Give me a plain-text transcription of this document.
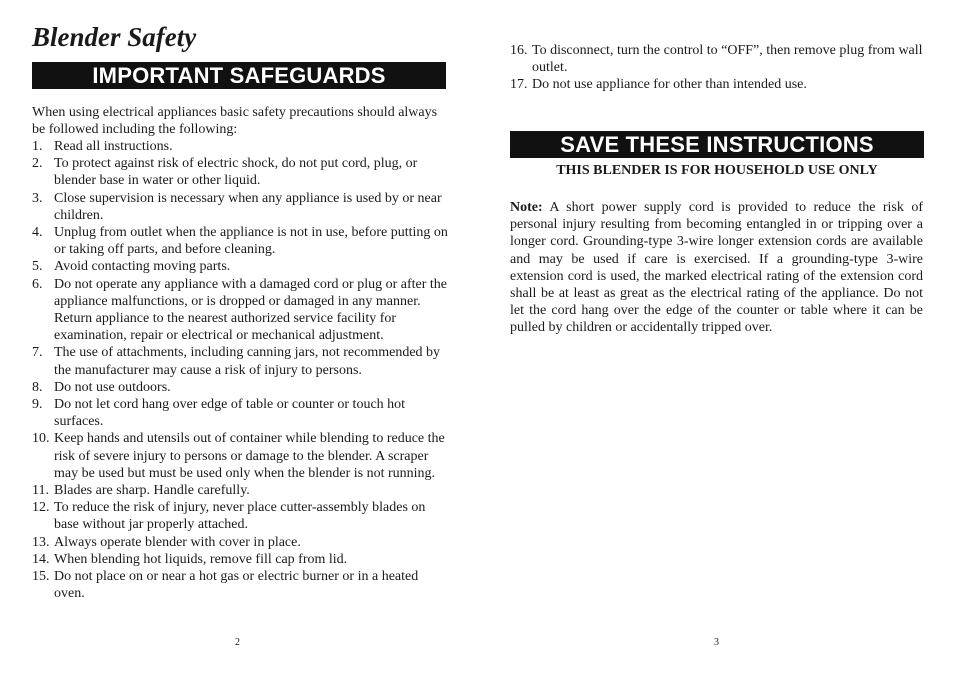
Blender Safety
IMPORTANT SAFEGUARDS

When using electrical appliances basic safety precautions should always be followed including the following:

1. Read all instructions.
2. To protect against risk of electric shock, do not put cord, plug, or blender base in water or other liquid.
3. Close supervision is necessary when any appliance is used by or near children.
4. Unplug from outlet when the appliance is not in use, before putting on or taking off parts, and before cleaning.
5. Avoid contacting moving parts.
6. Do not operate any appliance with a damaged cord or plug or after the appliance malfunctions, or is dropped or damaged in any manner. Return appliance to the nearest authorized service facility for examination, repair or electrical or mechanical adjustment.
7. The use of attachments, including canning jars, not recommended by the manufacturer may cause a risk of injury to persons.
8. Do not use outdoors.
9. Do not let cord hang over edge of table or counter or touch hot surfaces.
10. Keep hands and utensils out of container while blending to reduce the risk of severe injury to persons or damage to the blender. A scraper may be used but must be used only when the blender is not running.
11. Blades are sharp. Handle carefully.
12. To reduce the risk of injury, never place cutter-assembly blades on base without jar properly attached.
13. Always operate blender with cover in place.
14. When blending hot liquids, remove fill cap from lid.
15. Do not place on or near a hot gas or electric burner or in a heated oven.
2
16. To disconnect, turn the control to “OFF”, then remove plug from wall outlet.
17. Do not use appliance for other than intended use.
SAVE THESE INSTRUCTIONS

THIS BLENDER IS FOR HOUSEHOLD USE ONLY

Note: A short power supply cord is provided to reduce the risk of personal injury resulting from becoming entangled in or tripping over a longer cord. Grounding-type 3-wire longer extension cords are available and may be used if care is exercised. If a grounding-type 3-wire extension cord is used, the marked electrical rating of the extension cord shall be at least as great as the electrical rating of the appliance. Do not let the cord hang over the edge of the counter or table where it can be pulled by children or accidentally tripped over.

3
